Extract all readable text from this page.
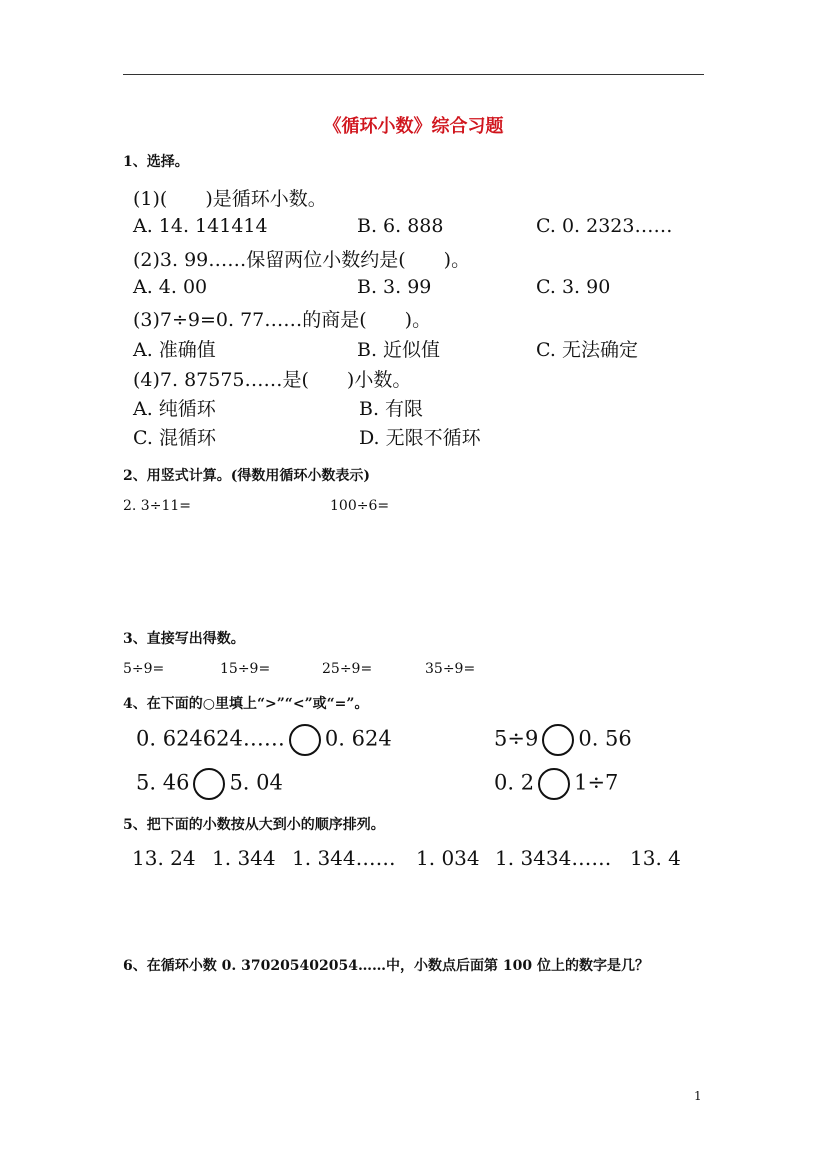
《循环小数》综合习题
1、选择。
(1)(　　)是循环小数。
A. 14. 141414	B. 6. 888	C. 0. 2323……
(2)3. 99……保留两位小数约是(　　)。
A. 4. 00	B. 3. 99	C. 3. 90
(3)7÷9=0. 77……的商是(　　)。
A. 准确值	B. 近似值	C. 无法确定
(4)7. 87575……是(　　)小数。
A. 纯循环	B. 有限
C. 混循环	D. 无限不循环
2、用竖式计算。(得数用循环小数表示)
2. 3÷11=	100÷6=
3、直接写出得数。
5÷9=	15÷9=	25÷9=	35÷9=
4、在下面的○里填上“>”“<”或“=”。
0. 624624…… 0. 624	5÷9 0. 56
5. 46 5. 04	0. 2 1÷7
5、把下面的小数按从大到小的顺序排列。
13. 24 1. 344 1. 344…… 1. 034 1. 3434…… 13. 4
6、在循环小数 0. 370205402054……中，小数点后面第 100 位上的数字是几？
1
